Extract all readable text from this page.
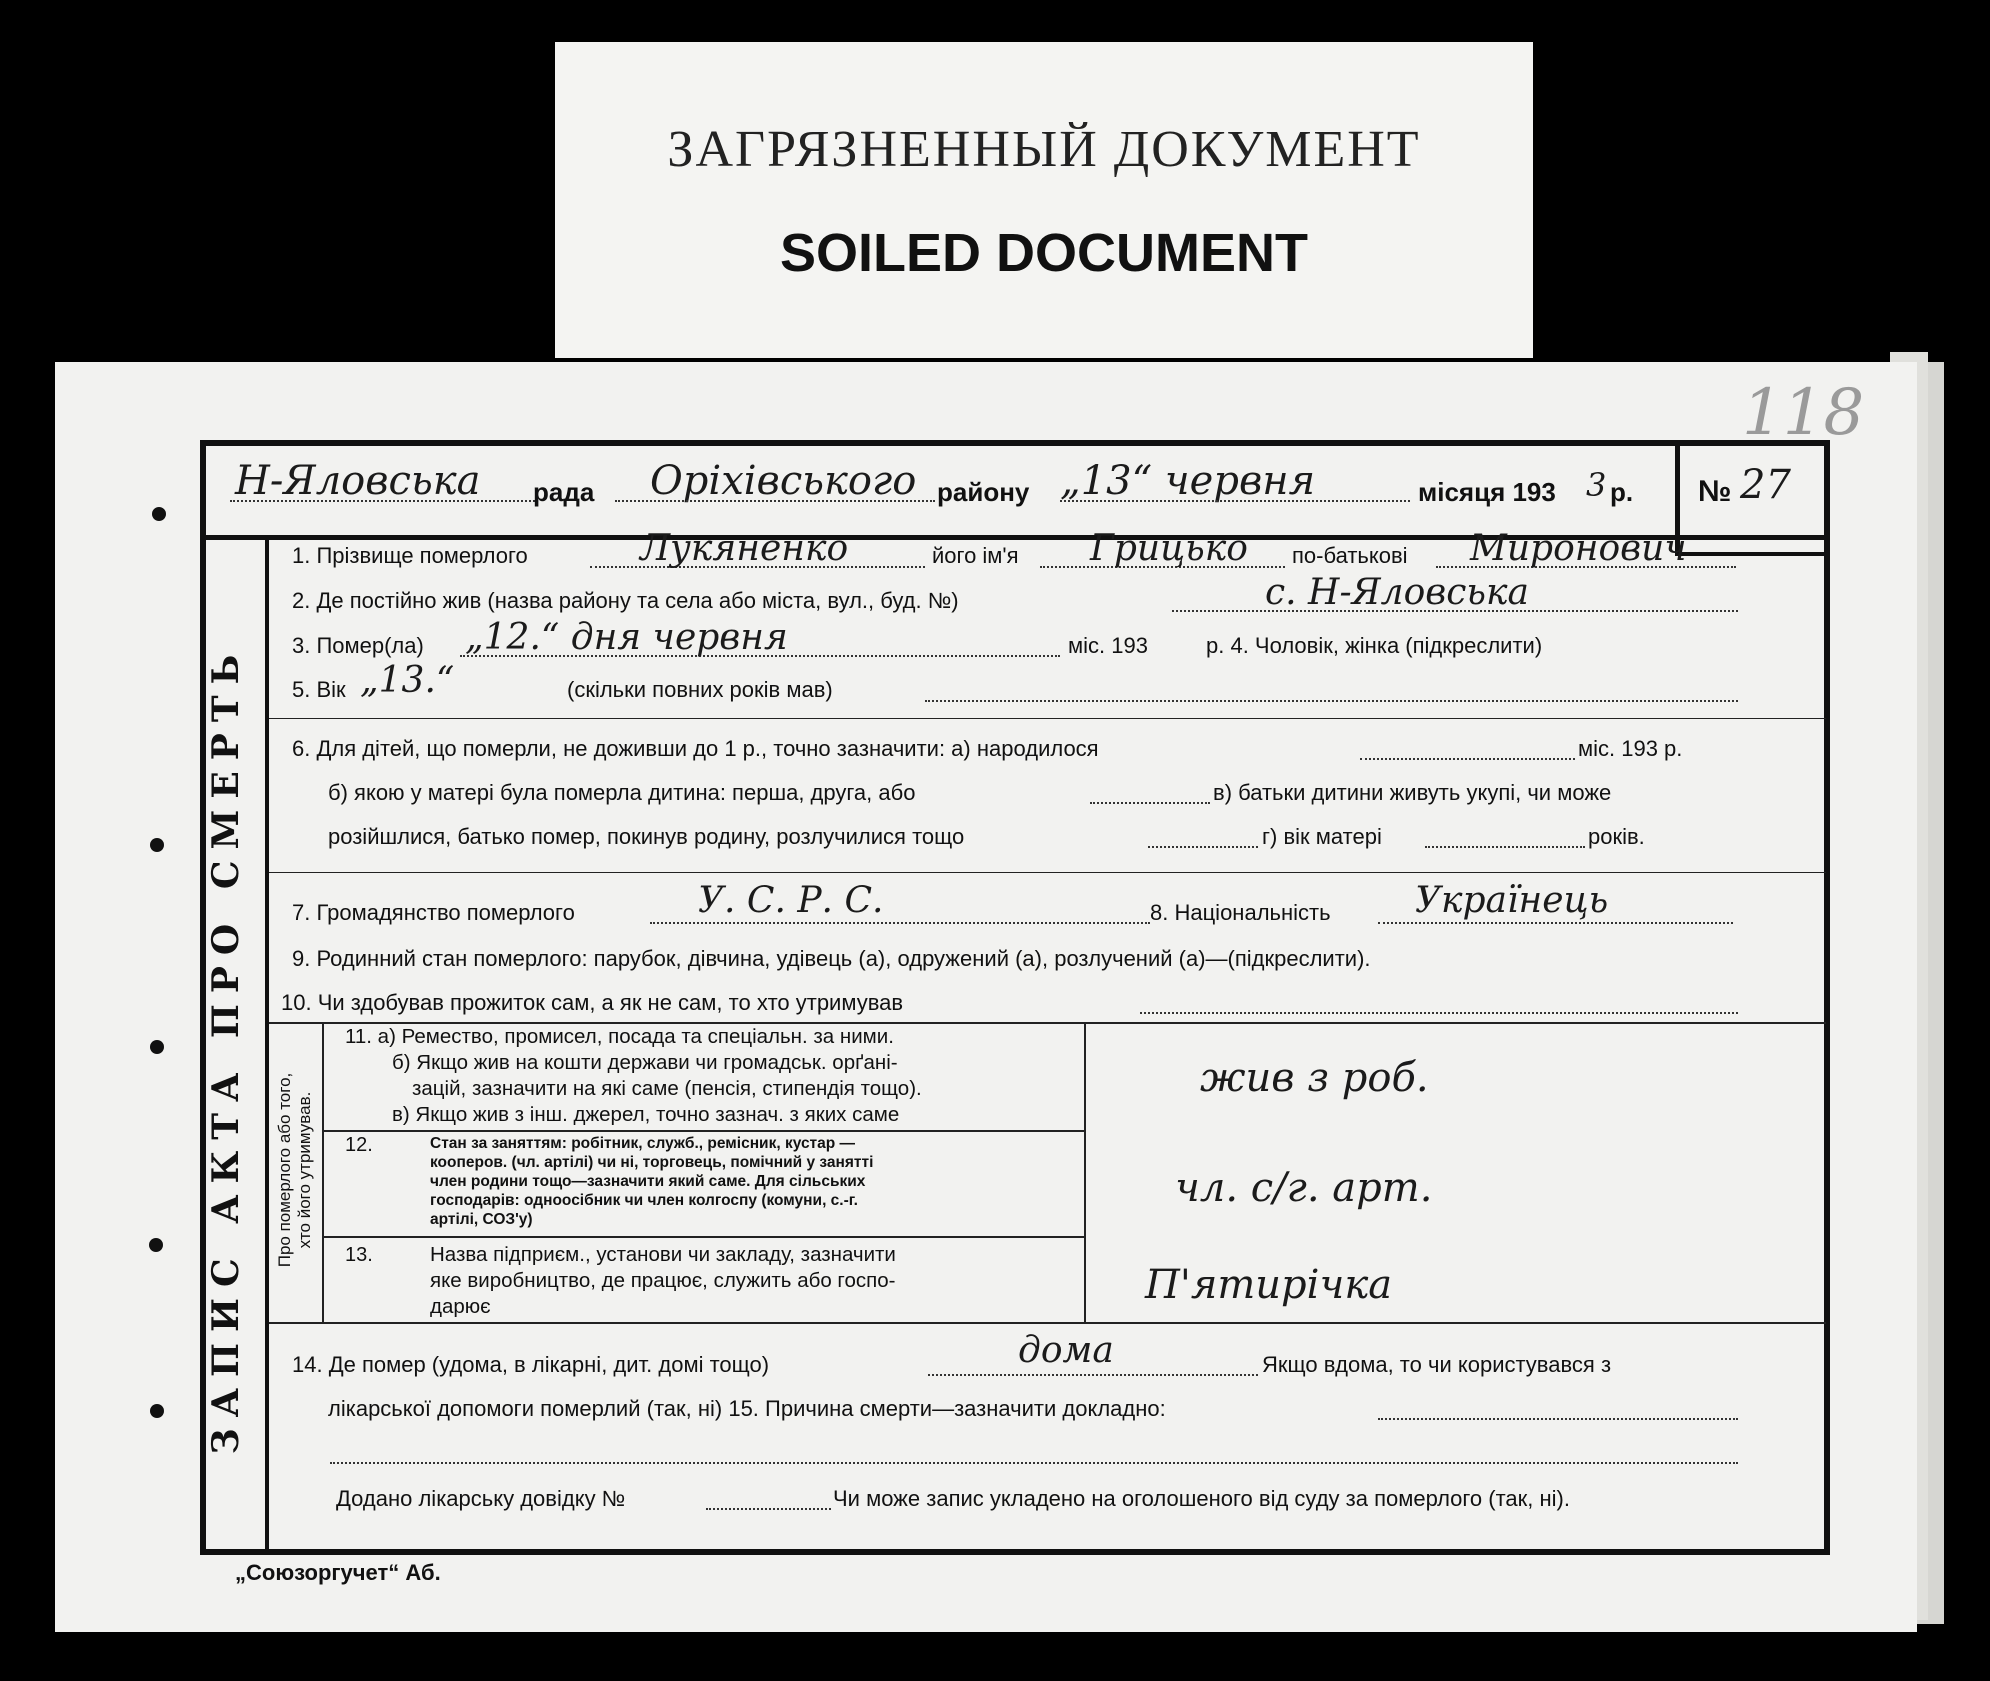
ЗАГРЯЗНЕННЫЙ ДОКУМЕНТ
SOILED DOCUMENT
118
ЗАПИС АКТА ПРО СМЕРТЬ
Н-Яловська рада Оріхівського району „13“ червня	місяця 193 3 р. № 27
1. Прізвище померлого	Лукяненко	його ім'я Грицько по-батькові Миронович
2. Де постійно жив (назва району та села або міста, вул., буд. №)	с. Н-Яловська
3. Помер(ла) „12.“ дня червня	міс. 193	р. 4. Чоловік, жінка (підкреслити)
5. Вік „13.“	(скільки повних років мав)
6. Для дітей, що померли, не доживши до 1 р., точно зазначити: а) народилося	міс. 193 р.
б) якою у матері була померла дитина: перша, друга, або	в) батьки дитини живуть укупі, чи може
розійшлися, батько помер, покинув родину, розлучилися тощо	г) вік матері	років.
7. Громадянство померлого	У. С. Р. С.	8. Національність Українець
9. Родинний стан померлого: парубок, дівчина, удівець (а), одружений (а), розлучений (а)—(підкреслити).
10. Чи здобував прожиток сам, а як не сам, то хто утримував
Про померлого або того, хто його утримував.
11. а) Ремество, промисел, посада та спеціальн. за ними.
б) Якщо жив на кошти держави чи громадськ. орґані-
зацій, зазначити на які саме (пенсія, стипендія тощо).
в) Якщо жив з інш. джерел, точно зазнач. з яких саме
жив з роб.
12.	Стан за заняттям: робітник, служб., ремісник, кустар —
кооперов. (чл. артілі) чи ні, торговець, помічний у занятті
член родини тощо—зазначити який саме. Для сільських
господарів: одноосібник чи член колгоспу (комуни, с.-г.
артілі, СОЗ'у)
чл. с/г. арт.
13.	Назва підприєм., установи чи закладу, зазначити
яке виробництво, де працює, служить або госпо-
дарює	П'ятирічка
14. Де помер (удома, в лікарні, дит. домі тощо)	дома	Якщо вдома, то чи користувався з
лікарської допомоги померлий (так, ні) 15. Причина смерти—зазначити докладно:
Додано лікарську довідку №	Чи може запис укладено на оголошеного від суду за померлого (так, ні).
„Союзоргучет“ Аб.
